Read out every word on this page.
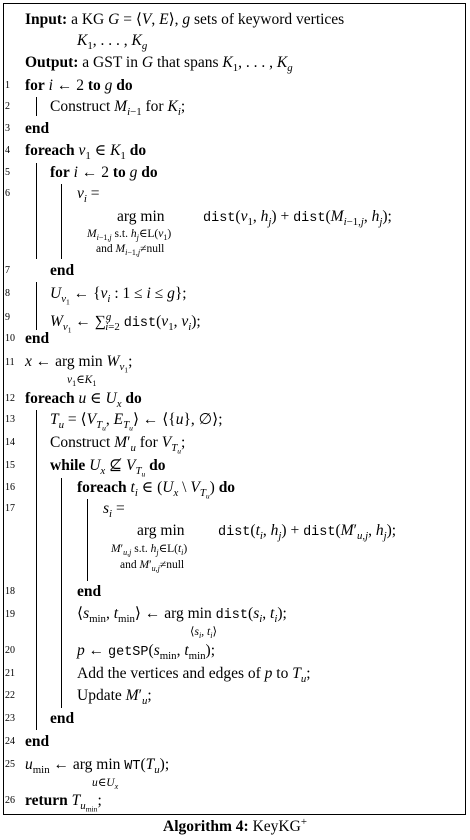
1
2
3
4
5
6
7
8
9
10
11
12
13
14
15
16
17
18
19
20
21
22
23
24
25
26
Input: a KG G = ⟨V, E⟩, g sets of keyword vertices
$K_1$, . . . , $K_g$
Output: a GST in G that spans $K_1$, . . . , $K_g$
for i ← 2 to g do
Construct $M_{i-1}$ for $K_i$;
end
foreach $v_1$ ∈ $K_1$ do
for i ← 2 to g do
$v_i$ =
arg min	$dist(v_1$, $h_j$) + $dist(M_{i-1,j}$, $h_j$);
$M_{i-1,j}$ s.t. $h_j\in L(v_1)$
and $M_{i-1,j}\ne null$
end
$U_{v_1}$ ← {$v_i$ : 1 ≤ i ≤ g};
$W_{v_1}$ ← ∑$^g_{i=2}$ $dist(v_1$, $v_i$);
end
x ← arg $\min W_{v_1}$;
$v_1\in K_1$
foreach u ∈ $U_x$ do
$T_u$ = $⟨V_{T_u}$, $E_{T_u}⟩$ ← ⟨{u}, ∅⟩;
Construct $M'_u$ for $V_{T_u}$;
while $U_x$ ⊈ $V_{T_u}$ do
foreach $t_i$ ∈ ($U_x$ \ $V_{T_u}$) do
$s_i$ =
arg $\min dist(t_i$, $h_j$) + $dist(M'_{u,j}$, $h_j$);
$M'_{u,j}$ s.t. $h_j\in L(t_i)$
and $M'_{u,j}\ne null$
end
$⟨s_{min}$, $t_{min}⟩$ ← arg $\min dist(s_i$, $t_i$);
$⟨s_i$, $t_i⟩$
p ← $getSP(s_{min}$, $t_{min}$);
Add the vertices and edges of p to $T_u$;
Update $M'_u$;
end
end
$u_{min}$ ← arg $\min WT(T_u)$;
$u\in U_x$
return $T_{u_{min}}$;
Algorithm 4: KeyKG+
